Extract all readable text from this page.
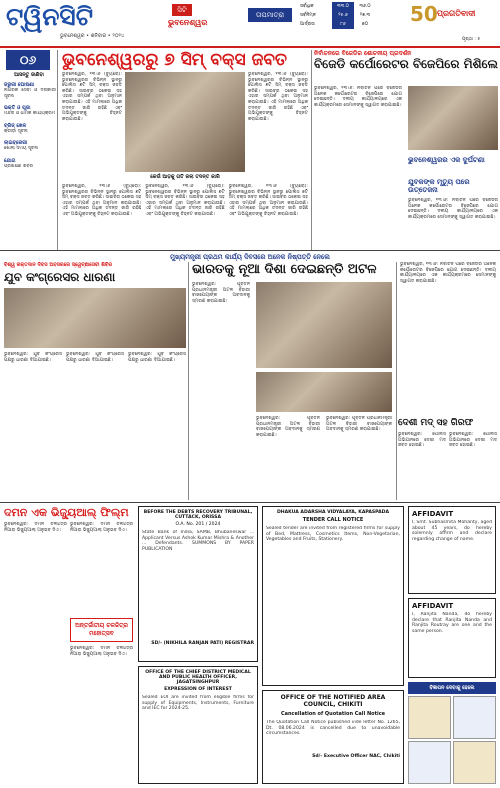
ଟ୍ୱିନସିଟି	ସିଟି
ଭୁବନେଶ୍ୱର
ଭୁବନେଶ୍ୱର • ଶନିବାର • ୨୦୨୪
ତାପମାତ୍ରା
ସର୍ବାଧିକ	୩୩.୦	୩୬.୦
ସର୍ବନିମ୍ନ	୨୫.୬	୨୭.୩
ଆର୍ଦ୍ରତା	୮୬	୭୦	50 ପ୍ରଗତିବାଦୀ
ପୃଷ୍ଠା : ୫
୦୬
ଆସନ୍ତୁ ଜାଣିବା
ଜରୁରୀ ଘୋଷଣା
ନାଗରିକ ସେବା ଓ ଦରକାରୀ ସୂଚନା
ଭକ୍ତି ଓ ପୂଜା
ମନ୍ଦିର ଓ ଧାର୍ମିକ କାର୍ଯ୍ୟକ୍ରମ
ବ୍ରିଜ୍ ଖେଳ
କ୍ରୀଡ଼ା ସୂଚନା
ଲାଇବ୍ରେରୀ
ଖୋଲା ସମୟ ସୂଚନା
ଯୋଗ
ପ୍ରଶିକ୍ଷଣ ଶିବିର
ଭୁବନେଶ୍ୱରରୁ ୭ ସିମ୍ ବକ୍ସ ଜବତ
ଭୁବନେଶ୍ୱର, ୧୩।୬ (ବ୍ୟୁରୋ): ଭୁବନେଶ୍ୱରର ବିଭିନ୍ନ ସ୍ଥାନରୁ ପୋଲିସ ୭ଟି ସିମ୍ ବକ୍ସ ଜବତ କରିଛି। ସାଇବର ଠକେଇ ସହ ଏହାର ସମ୍ପର୍କ ଥିବା ଅନୁମାନ କରାଯାଉଛି। ଏହି ମାମଲାରେ ଅଧିକ ତଦନ୍ତ ଜାରି ରହିଛି ଏବଂ ଅଭିଯୁକ୍ତଙ୍କୁ ଚିହ୍ନଟ କରାଯାଉଛି।
ଭୁବନେଶ୍ୱର, ୧୩।୬ (ବ୍ୟୁରୋ): ଭୁବନେଶ୍ୱରର ବିଭିନ୍ନ ସ୍ଥାନରୁ ପୋଲିସ ୭ଟି ସିମ୍ ବକ୍ସ ଜବତ କରିଛି। ସାଇବର ଠକେଇ ସହ ଏହାର ସମ୍ପର୍କ ଥିବା ଅନୁମାନ କରାଯାଉଛି। ଏହି ମାମଲାରେ ଅଧିକ ତଦନ୍ତ ଜାରି ରହିଛି ଏବଂ ଅଭିଯୁକ୍ତଙ୍କୁ ଚିହ୍ନଟ କରାଯାଉଛି।
କେଉଁ ଆଡ଼କୁ ଗତି କଲା ତଦନ୍ତ କାରି
ଭୁବନେଶ୍ୱର, ୧୩।୬ (ବ୍ୟୁରୋ): ଭୁବନେଶ୍ୱରର ବିଭିନ୍ନ ସ୍ଥାନରୁ ପୋଲିସ ୭ଟି ସିମ୍ ବକ୍ସ ଜବତ କରିଛି। ସାଇବର ଠକେଇ ସହ ଏହାର ସମ୍ପର୍କ ଥିବା ଅନୁମାନ କରାଯାଉଛି। ଏହି ମାମଲାରେ ଅଧିକ ତଦନ୍ତ ଜାରି ରହିଛି ଏବଂ ଅଭିଯୁକ୍ତଙ୍କୁ ଚିହ୍ନଟ କରାଯାଉଛି।
ଭୁବନେଶ୍ୱର, ୧୩।୬ (ବ୍ୟୁରୋ): ଭୁବନେଶ୍ୱରର ବିଭିନ୍ନ ସ୍ଥାନରୁ ପୋଲିସ ୭ଟି ସିମ୍ ବକ୍ସ ଜବତ କରିଛି। ସାଇବର ଠକେଇ ସହ ଏହାର ସମ୍ପର୍କ ଥିବା ଅନୁମାନ କରାଯାଉଛି। ଏହି ମାମଲାରେ ଅଧିକ ତଦନ୍ତ ଜାରି ରହିଛି ଏବଂ ଅଭିଯୁକ୍ତଙ୍କୁ ଚିହ୍ନଟ କରାଯାଉଛି।
ଭୁବନେଶ୍ୱର, ୧୩।୬ (ବ୍ୟୁରୋ): ଭୁବନେଶ୍ୱରର ବିଭିନ୍ନ ସ୍ଥାନରୁ ପୋଲିସ ୭ଟି ସିମ୍ ବକ୍ସ ଜବତ କରିଛି। ସାଇବର ଠକେଇ ସହ ଏହାର ସମ୍ପର୍କ ଥିବା ଅନୁମାନ କରାଯାଉଛି। ଏହି ମାମଲାରେ ଅଧିକ ତଦନ୍ତ ଜାରି ରହିଛି ଏବଂ ଅଭିଯୁକ୍ତଙ୍କୁ ଚିହ୍ନଟ କରାଯାଉଛି।
ନିର୍ବାଚନରେ ବିଜେଡିର ଶୋଚନୀୟ ପ୍ରଦର୍ଶନ
ବିଜେଡି କର୍ପୋରେଟର ବିଜେପିରେ ମିଶିଲେ
ଭୁବନେଶ୍ୱର, ୧୩।୬: ନିର୍ବାଚନ ପରେ ବିଜେଡିର ଅନେକ କର୍ପୋରେଟର ବିଜେପିରେ ଯୋଗ ଦେଇଛନ୍ତି। ଦଳୀୟ କାର୍ଯ୍ୟାଳୟରେ ଏକ କାର୍ଯ୍ୟକ୍ରମରେ ସେମାନଙ୍କୁ ସ୍ୱାଗତ କରାଯାଇଛି।
ଭୁବନେଶ୍ୱରର ଏକ ଦୁର୍ଘଟଣା
ଯୁବକଙ୍କ ମୃତ୍ୟୁ ପରେ ଉତ୍ତେଜନା
ଭୁବନେଶ୍ୱର, ୧୩।୬: ନିର୍ବାଚନ ପରେ ବିଜେଡିର ଅନେକ କର୍ପୋରେଟର ବିଜେପିରେ ଯୋଗ ଦେଇଛନ୍ତି। ଦଳୀୟ କାର୍ଯ୍ୟାଳୟରେ ଏକ କାର୍ଯ୍ୟକ୍ରମରେ ସେମାନଙ୍କୁ ସ୍ୱାଗତ କରାଯାଇଛି।
ମୁଖ୍ୟମନ୍ତ୍ରୀ ପ୍ରଥମ କାର୍ଯ୍ୟ ଦିବସରେ ଅନେକ ନିଷ୍ପତ୍ତି ନେଲେ
ବିଶ୍ୱ ରକ୍ତଦାନ ଦିବସ ଅବସରରେ ସ୍ୱେଚ୍ଛାସେବୀ ଶିବିର
ଯୁବ କଂଗ୍ରେସର ଧାରଣା
ଭୁବନେଶ୍ୱର: ଯୁବ କଂଗ୍ରେସ ପକ୍ଷରୁ ଧାରଣା ଦିଆଯାଇଛି।
ଭୁବନେଶ୍ୱର: ଯୁବ କଂଗ୍ରେସ ପକ୍ଷରୁ ଧାରଣା ଦିଆଯାଇଛି।
ଭୁବନେଶ୍ୱର: ଯୁବ କଂଗ୍ରେସ ପକ୍ଷରୁ ଧାରଣା ଦିଆଯାଇଛି।
ଭାରତକୁ ନୂଆ ଦିଶା ଦେଇଛନ୍ତି ଅଟଳ
ଭୁବନେଶ୍ୱର: ପୂର୍ବତନ ପ୍ରଧାନମନ୍ତ୍ରୀ ଅଟଳ ବିହାରୀ ବାଜପେୟୀଙ୍କ ଅବଦାନକୁ ସ୍ମରଣ କରାଯାଇଛି।
ଭୁବନେଶ୍ୱର: ପୂର୍ବତନ ପ୍ରଧାନମନ୍ତ୍ରୀ ଅଟଳ ବିହାରୀ ବାଜପେୟୀଙ୍କ ଅବଦାନକୁ ସ୍ମରଣ କରାଯାଇଛି।
ଭୁବନେଶ୍ୱର: ପୂର୍ବତନ ପ୍ରଧାନମନ୍ତ୍ରୀ ଅଟଳ ବିହାରୀ ବାଜପେୟୀଙ୍କ ଅବଦାନକୁ ସ୍ମରଣ କରାଯାଇଛି।
ଭୁବନେଶ୍ୱର, ୧୩।୬: ନିର୍ବାଚନ ପରେ ବିଜେଡିର ଅନେକ କର୍ପୋରେଟର ବିଜେପିରେ ଯୋଗ ଦେଇଛନ୍ତି। ଦଳୀୟ କାର୍ଯ୍ୟାଳୟରେ ଏକ କାର୍ଯ୍ୟକ୍ରମରେ ସେମାନଙ୍କୁ ସ୍ୱାଗତ କରାଯାଇଛି।
ଦେଶୀ ମଦ୍ ସହ ଗିରଫ
ଭୁବନେଶ୍ୱର: ପୋଲିସ ଅଭିଯାନରେ ଦେଶୀ ମଦ ଜବତ ହୋଇଛି।
ଭୁବନେଶ୍ୱର: ପୋଲିସ ଅଭିଯାନରେ ଦେଶୀ ମଦ ଜବତ ହୋଇଛି।
ଦମନ ଏକ ଭିଜ୍ୟୁଆଲ୍ ଫିଲ୍ମ
ଭୁବନେଶ୍ୱର: ଦମନ ଚଳଚ୍ଚିତ୍ର ନିଆରା ଭିଜ୍ୟୁଆଲ୍ ଅନୁଭବ ଦିଏ।
ଭୁବନେଶ୍ୱର: ଦମନ ଚଳଚ୍ଚିତ୍ର ନିଆରା ଭିଜ୍ୟୁଆଲ୍ ଅନୁଭବ ଦିଏ।
ଅନ୍ତର୍ଜାତୀୟ ଚଳଚ୍ଚିତ୍ର ମହୋତ୍ସବ
ଭୁବନେଶ୍ୱର: ଦମନ ଚଳଚ୍ଚିତ୍ର ନିଆରା ଭିଜ୍ୟୁଆଲ୍ ଅନୁଭବ ଦିଏ।
BEFORE THE DEBTS RECOVERY TRIBUNAL, CUTTACK, ORISSA
O.A. No. 201 / 2024
State Bank of India, SAMB, Bhubaneswar ... Applicant Versus Ashok Kumar Mishra & Another ... Defendants. SUMMONS BY PAPER PUBLICATION
SD/- (NIKHILA RANJAN PATI) REGISTRAR
OFFICE OF THE CHIEF DISTRICT MEDICAL AND PUBLIC HEALTH OFFICER, JAGATSINGHPUR
EXPRESSION OF INTEREST
Sealed EOI are invited from eligible firms for supply of Equipments, Instruments, Furniture and IEC for 2024-25.
DHAKUA ADARSHA VIDYALAYA, KAPASPADA
TENDER CALL NOTICE
Sealed tender are invited from registered firms for supply of Bed, Mattress, Cosmetics Items, Non-Vegetarian, Vegetables and Fruits, Stationery.
OFFICE OF THE NOTIFIED AREA COUNCIL, CHIKITI
Cancellation of Quotation Call Notice
The Quotation Call Notice published vide letter No. 1265, Dt. 08.06.2024 is cancelled due to unavoidable circumstances.
Sd/- Executive Officer NAC, Chikiti
AFFIDAVIT
I, Smt. Subhasmita Mohanty, aged about 45 years, do hereby solemnly affirm and declare regarding change of name.
AFFIDAVIT
I, Ranjita Nanda, do hereby declare that Ranjita Nanda and Ranjita Routray are one and the same person.
ବିଜ୍ଞାପନ ଦେବାକୁ ହେଲେ
